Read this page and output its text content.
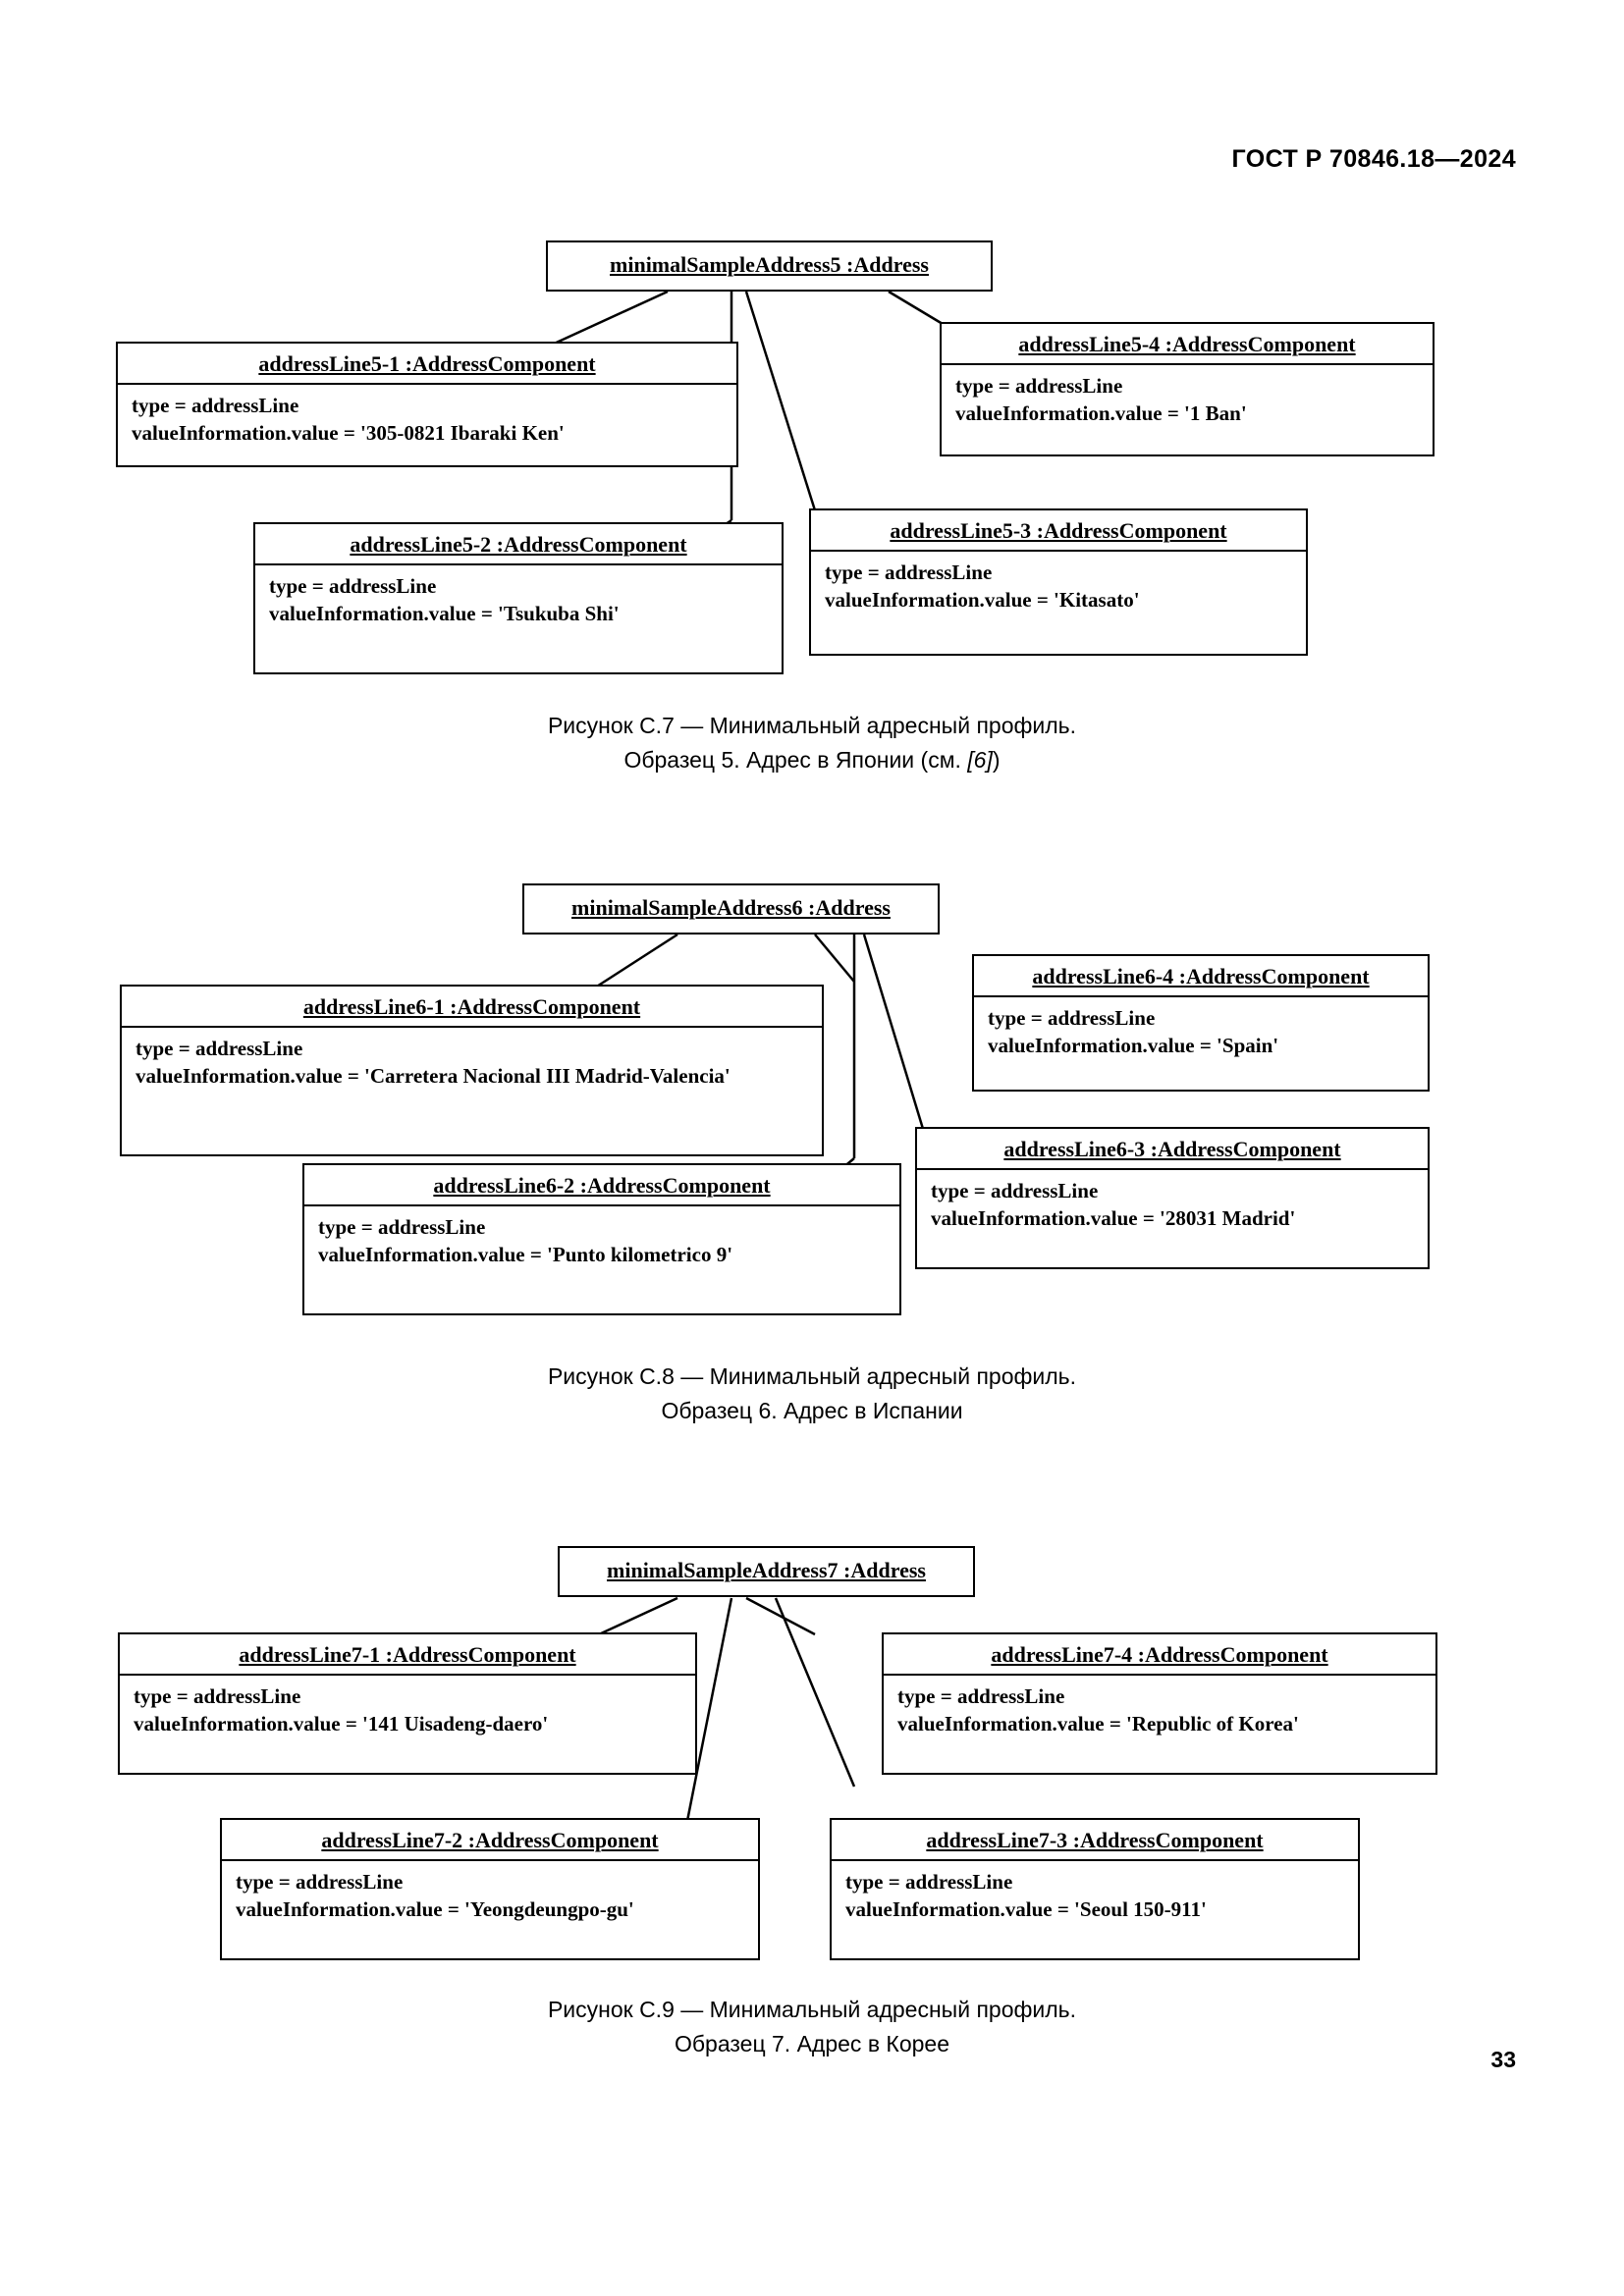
ГОСТ Р 70846.18—2024
minimalSampleAddress5 :Address
addressLine5-1 :AddressComponent
type = addressLine
valueInformation.value = '305-0821 Ibaraki Ken'
addressLine5-4 :AddressComponent
type = addressLine
valueInformation.value = '1 Ban'
addressLine5-3 :AddressComponent
type = addressLine
valueInformation.value = 'Kitasato'
addressLine5-2 :AddressComponent
type = addressLine
valueInformation.value = 'Tsukuba Shi'
Рисунок С.7 — Минимальный адресный профиль.
Образец 5. Адрес в Японии (см. [6])
minimalSampleAddress6 :Address
addressLine6-4 :AddressComponent
type = addressLine
valueInformation.value = 'Spain'
addressLine6-1 :AddressComponent
type = addressLine
valueInformation.value = 'Carretera Nacional III Madrid-Valencia'
addressLine6-3 :AddressComponent
type = addressLine
valueInformation.value = '28031 Madrid'
addressLine6-2 :AddressComponent
type = addressLine
valueInformation.value = 'Punto kilometrico 9'
Рисунок С.8 — Минимальный адресный профиль.
Образец 6. Адрес в Испании
minimalSampleAddress7 :Address
addressLine7-1 :AddressComponent
type = addressLine
valueInformation.value = '141 Uisadeng-daero'
addressLine7-4 :AddressComponent
type = addressLine
valueInformation.value = 'Republic of Korea'
addressLine7-2 :AddressComponent
type = addressLine
valueInformation.value = 'Yeongdeungpo-gu'
addressLine7-3 :AddressComponent
type = addressLine
valueInformation.value = 'Seoul 150-911'
Рисунок С.9 — Минимальный адресный профиль.
Образец 7. Адрес в Корее
33
